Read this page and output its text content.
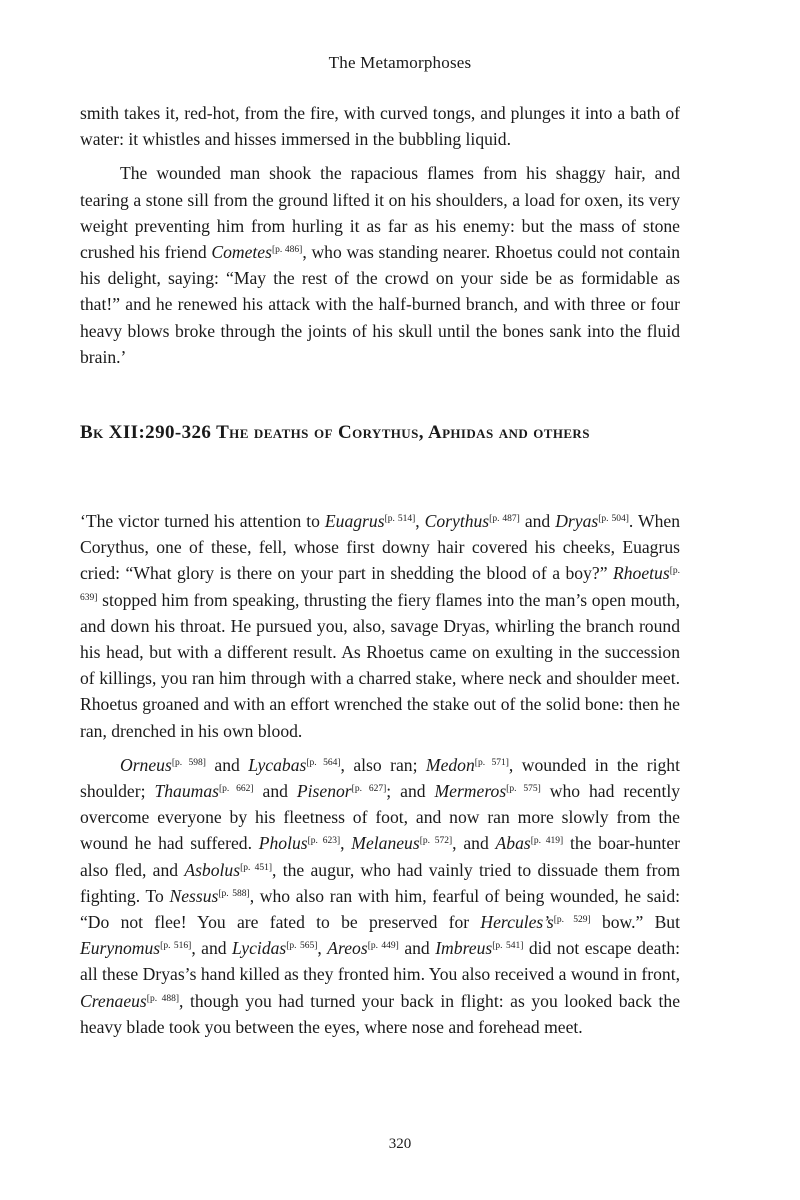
The Metamorphoses

smith takes it, red-hot, from the fire, with curved tongs, and plunges it into a bath of water: it whistles and hisses immersed in the bubbling liquid.

The wounded man shook the rapacious flames from his shaggy hair, and tearing a stone sill from the ground lifted it on his shoulders, a load for oxen, its very weight preventing him from hurling it as far as his enemy: but the mass of stone crushed his friend Cometes[p. 486], who was standing nearer. Rhoetus could not contain his delight, saying: “May the rest of the crowd on your side be as formidable as that!” and he renewed his attack with the half-burned branch, and with three or four heavy blows broke through the joints of his skull until the bones sank into the fluid brain.’

Bk XII:290-326 The deaths of Corythus, Aphidas and others

‘The victor turned his attention to Euagrus[p. 514], Corythus[p. 487] and Dryas[p. 504]. When Corythus, one of these, fell, whose first downy hair covered his cheeks, Euagrus cried: “What glory is there on your part in shedding the blood of a boy?” Rhoetus[p. 639] stopped him from speaking, thrusting the fiery flames into the man’s open mouth, and down his throat. He pursued you, also, savage Dryas, whirling the branch round his head, but with a different result. As Rhoetus came on exulting in the succession of killings, you ran him through with a charred stake, where neck and shoulder meet. Rhoetus groaned and with an effort wrenched the stake out of the solid bone: then he ran, drenched in his own blood.

Orneus[p. 598] and Lycabas[p. 564], also ran; Medon[p. 571], wounded in the right shoulder; Thaumas[p. 662] and Pisenor[p. 627]; and Mermeros[p. 575] who had recently overcome everyone by his fleetness of foot, and now ran more slowly from the wound he had suffered. Pholus[p. 623], Melaneus[p. 572], and Abas[p. 419] the boar-hunter also fled, and Asbolus[p. 451], the augur, who had vainly tried to dissuade them from fighting. To Nessus[p. 588], who also ran with him, fearful of being wounded, he said: “Do not flee! You are fated to be preserved for Hercules’s[p. 529] bow.” But Eurynomus[p. 516], and Lycidas[p. 565], Areos[p. 449] and Imbreus[p. 541] did not escape death: all these Dryas’s hand killed as they fronted him. You also received a wound in front, Crenaeus[p. 488], though you had turned your back in flight: as you looked back the heavy blade took you between the eyes, where nose and forehead meet.

320
